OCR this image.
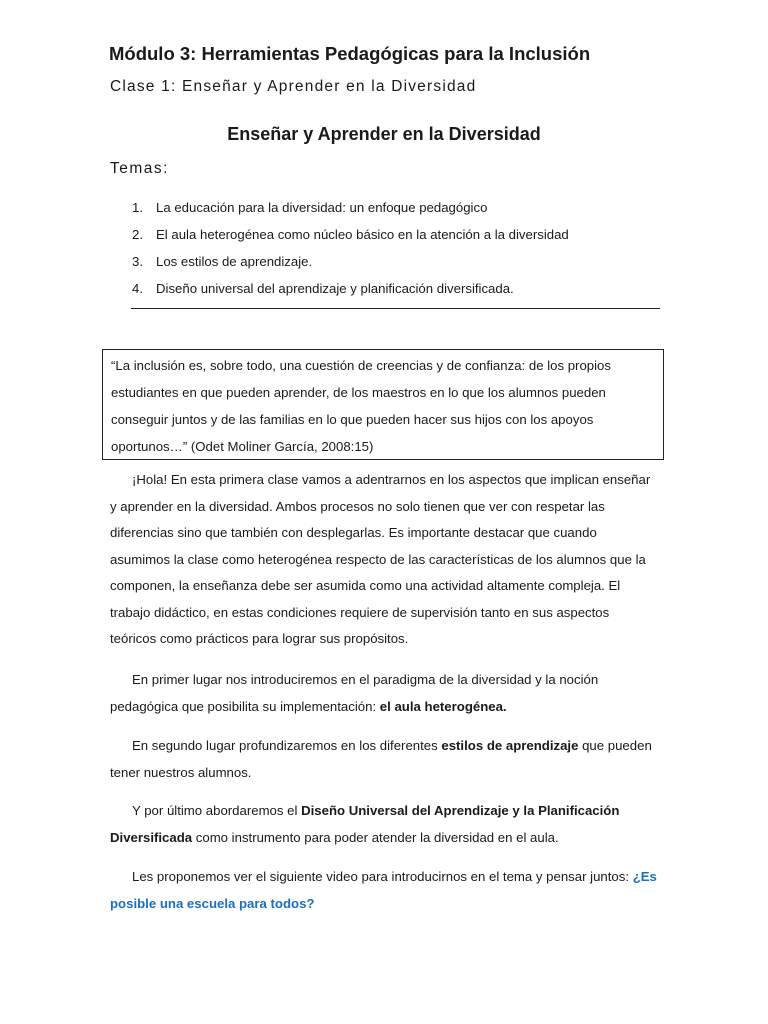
Módulo 3: Herramientas Pedagógicas para la Inclusión

Clase 1: Enseñar y Aprender en la Diversidad

Enseñar y Aprender en la Diversidad

Temas:

1. La educación para la diversidad: un enfoque pedagógico
2. El aula heterogénea como núcleo básico en la atención a la diversidad
3. Los estilos de aprendizaje.
4. Diseño universal del aprendizaje y planificación diversificada.
“La inclusión es, sobre todo, una cuestión de creencias y de confianza: de los propios estudiantes en que pueden aprender, de los maestros en lo que los alumnos pueden conseguir juntos y de las familias en lo que pueden hacer sus hijos con los apoyos oportunos…” (Odet Moliner García, 2008:15)

¡Hola! En esta primera clase vamos a adentrarnos en los aspectos que implican enseñar y aprender en la diversidad. Ambos procesos no solo tienen que ver con respetar las diferencias sino que también con desplegarlas. Es importante destacar que cuando asumimos la clase como heterogénea respecto de las características de los alumnos que la componen, la enseñanza debe ser asumida como una actividad altamente compleja. El trabajo didáctico, en estas condiciones requiere de supervisión tanto en sus aspectos teóricos como prácticos para lograr sus propósitos.

En primer lugar nos introduciremos en el paradigma de la diversidad y la noción pedagógica que posibilita su implementación: el aula heterogénea.

En segundo lugar profundizaremos en los diferentes estilos de aprendizaje que pueden tener nuestros alumnos.

Y por último abordaremos el Diseño Universal del Aprendizaje y la Planificación Diversificada como instrumento para poder atender la diversidad en el aula.

Les proponemos ver el siguiente video para introducirnos en el tema y pensar juntos: ¿Es posible una escuela para todos?
